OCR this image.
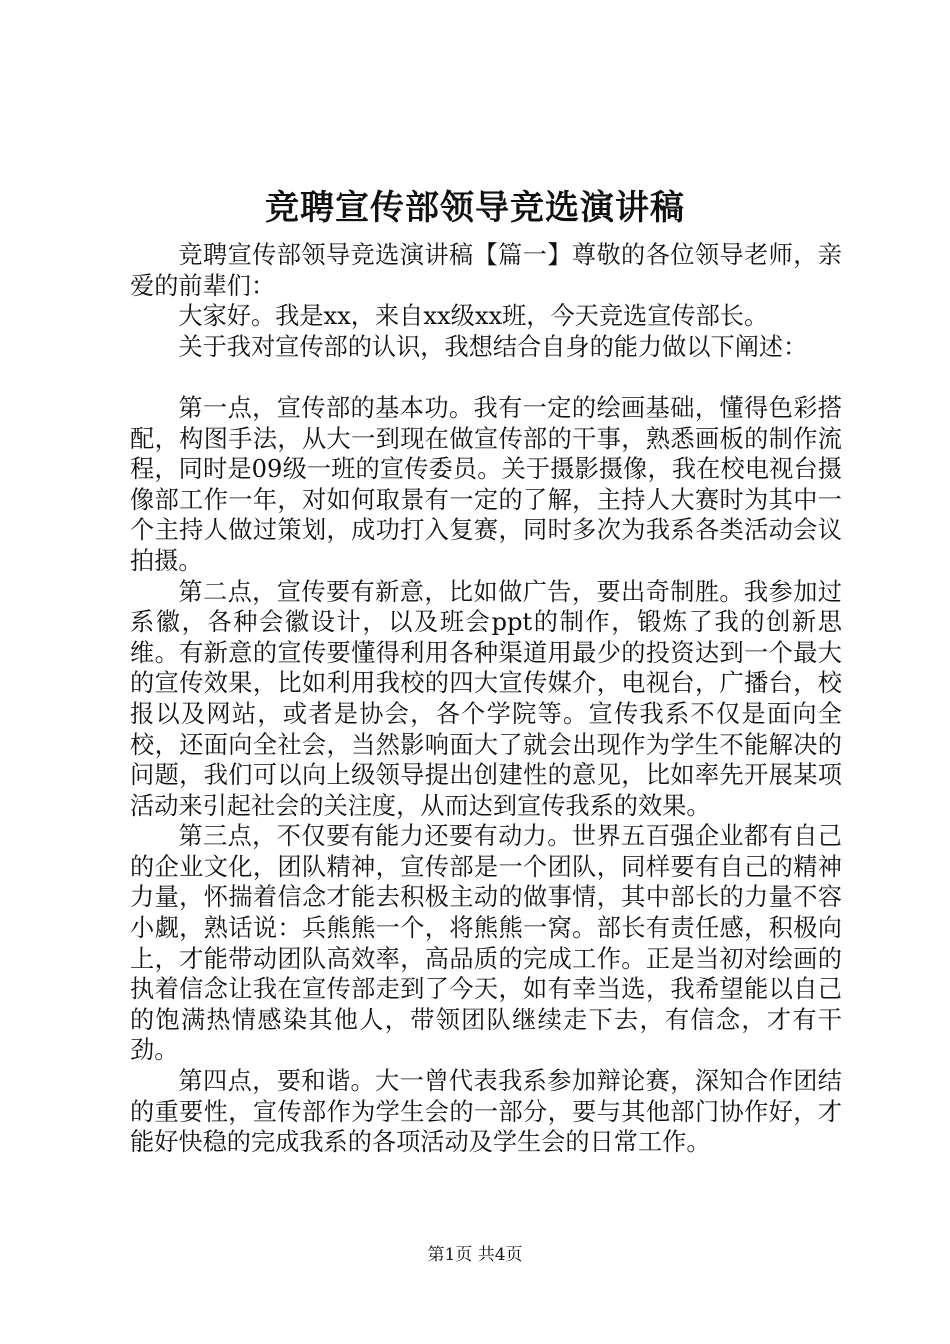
竞聘宣传部领导竞选演讲稿

竞聘宣传部领导竞选演讲稿【篇一】尊敬的各位领导老师，亲爱的前辈们：

大家好。我是xx，来自xx级xx班，今天竞选宣传部长。

关于我对宣传部的认识，我想结合自身的能力做以下阐述：

第一点，宣传部的基本功。我有一定的绘画基础，懂得色彩搭配，构图手法，从大一到现在做宣传部的干事，熟悉画板的制作流程，同时是09级一班的宣传委员。关于摄影摄像，我在校电视台摄像部工作一年，对如何取景有一定的了解，主持人大赛时为其中一个主持人做过策划，成功打入复赛，同时多次为我系各类活动会议拍摄。

第二点，宣传要有新意，比如做广告，要出奇制胜。我参加过系徽，各种会徽设计，以及班会ppt的制作，锻炼了我的创新思维。有新意的宣传要懂得利用各种渠道用最少的投资达到一个最大的宣传效果，比如利用我校的四大宣传媒介，电视台，广播台，校报以及网站，或者是协会，各个学院等。宣传我系不仅是面向全校，还面向全社会，当然影响面大了就会出现作为学生不能解决的问题，我们可以向上级领导提出创建性的意见，比如率先开展某项活动来引起社会的关注度，从而达到宣传我系的效果。

第三点，不仅要有能力还要有动力。世界五百强企业都有自己的企业文化，团队精神，宣传部是一个团队，同样要有自己的精神力量，怀揣着信念才能去积极主动的做事情，其中部长的力量不容小觑，熟话说：兵熊熊一个，将熊熊一窝。部长有责任感，积极向上，才能带动团队高效率，高品质的完成工作。正是当初对绘画的执着信念让我在宣传部走到了今天，如有幸当选，我希望能以自己的饱满热情感染其他人，带领团队继续走下去，有信念，才有干劲。

第四点，要和谐。大一曾代表我系参加辩论赛，深知合作团结的重要性，宣传部作为学生会的一部分，要与其他部门协作好，才能好快稳的完成我系的各项活动及学生会的日常工作。

第1页 共4页
